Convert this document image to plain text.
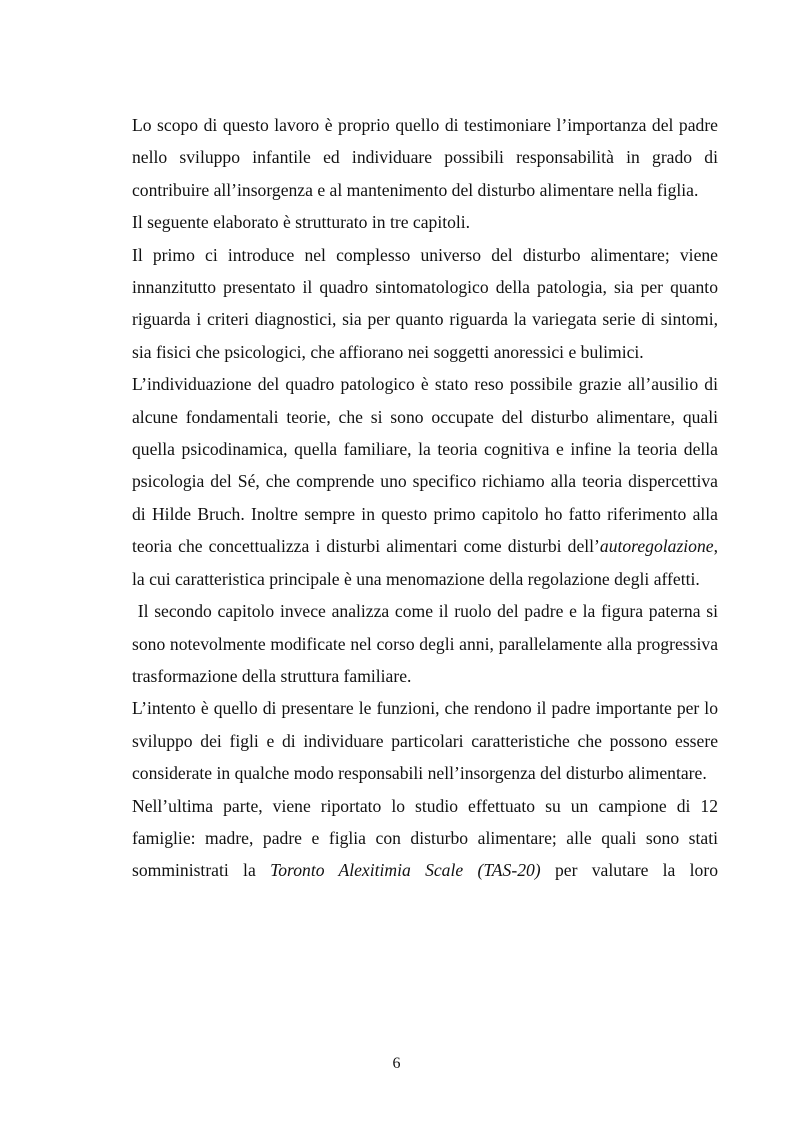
Lo scopo di questo lavoro è proprio quello di testimoniare l’importanza del padre nello sviluppo infantile ed individuare possibili responsabilità in grado di contribuire all’insorgenza e al mantenimento del disturbo alimentare nella figlia.

Il seguente elaborato è strutturato in tre capitoli.

Il primo ci introduce nel complesso universo del disturbo alimentare; viene innanzitutto presentato il quadro sintomatologico della patologia, sia per quanto riguarda i criteri diagnostici, sia per quanto riguarda la variegata serie di sintomi, sia fisici che psicologici, che affiorano nei soggetti anoressici e bulimici.

L’individuazione del quadro patologico è stato reso possibile grazie all’ausilio di alcune fondamentali teorie, che si sono occupate del disturbo alimentare, quali quella psicodinamica, quella familiare, la teoria cognitiva e infine la teoria della psicologia del Sé, che comprende uno specifico richiamo alla teoria dispercettiva di Hilde Bruch. Inoltre sempre in questo primo capitolo ho fatto riferimento alla teoria che concettualizza i disturbi alimentari come disturbi dell’autoregolazione, la cui caratteristica principale è una menomazione della regolazione degli affetti.

Il secondo capitolo invece analizza come il ruolo del padre e la figura paterna si sono notevolmente modificate nel corso degli anni, parallelamente alla progressiva trasformazione della struttura familiare.

L’intento è quello di presentare le funzioni, che rendono il padre importante per lo sviluppo dei figli e di individuare particolari caratteristiche che possono essere considerate in qualche modo responsabili nell’insorgenza del disturbo alimentare.

Nell’ultima parte, viene riportato lo studio effettuato su un campione di 12 famiglie: madre, padre e figlia con disturbo alimentare; alle quali sono stati somministrati la Toronto Alexitimia Scale (TAS-20) per valutare la loro

6
